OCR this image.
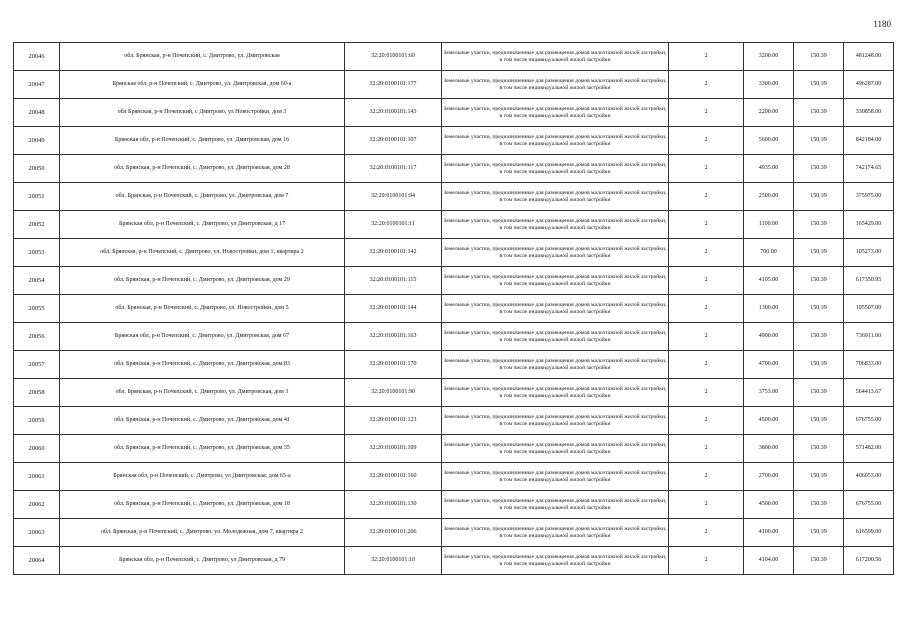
1180
20046	обл. Брянская, р-н Почепский, с. Дмитрово, ул. Дмитровская	32:20:0100101:60	Земельные участки, предназначенные для размещения домов малоэтажной жилой застройки, в том числе индивидуальной жилой застройки	2	3200.00	150.39	481248.00
20047	Брянская обл, р-н Почепский, с. Дмитрово, ул. Дмитровская, дом 60-а	32:20:0100101:177	Земельные участки, предназначенные для размещения домов малоэтажной жилой застройки, в том числе индивидуальной жилой застройки	2	3300.00	150.39	496287.00
20048	обл Брянская, р-н Почепский, с Дмитрово, ул Новостройки, дом 3	32:20:0100101:143	Земельные участки, предназначенные для размещения домов малоэтажной жилой застройки, в том числе индивидуальной жилой застройки	2	2200.00	150.39	330858.00
20049	Брянская обл, р-н Почепский, с. Дмитрово, ул. Дмитровская, дом 16	32:20:0100101:107	Земельные участки, предназначенные для размещения домов малоэтажной жилой застройки, в том числе индивидуальной жилой застройки	2	5600.00	150.39	842184.00
20050	обл. Брянская, р-н Почепский, с. Дмитрово, ул. Дмитровская, дом 28	32:20:0100101:117	Земельные участки, предназначенные для размещения домов малоэтажной жилой застройки, в том числе индивидуальной жилой застройки	2	4935.00	150.39	742174.65
20051	обл. Брянская, р-н Почепский, с. Дмитрово, ул. Дмитровская, дом 7	32:20:0100101:94	Земельные участки, предназначенные для размещения домов малоэтажной жилой застройки, в том числе индивидуальной жилой застройки	2	2500.00	150.39	375975.00
20052	Брянская обл, р-н Почепский, с. Дмитрово, ул Дмитровская, д 17	32:20:0100101:11	Земельные участки, предназначенные для размещения домов малоэтажной жилой застройки, в том числе индивидуальной жилой застройки	2	1100.00	150.39	165429.00
20053	обл. Брянская, р-н Почепский, с. Дмитрово, ул. Новостройки, дом 1, квартира 2	32:20:0100101:142	Земельные участки, предназначенные для размещения домов малоэтажной жилой застройки, в том числе индивидуальной жилой застройки	2	700.00	150.39	105273.00
20054	обл. Брянская, р-н Почепский, с. Дмитрово, ул. Дмитровская, дом 29	32:20:0100101:115	Земельные участки, предназначенные для размещения домов малоэтажной жилой застройки, в том числе индивидуальной жилой застройки	2	4105.00	150.39	617350.95
20055	обл. Брянская, р-н Почепский, с. Дмитрово, ул. Новостройки, дом 5	32:20:0100101:144	Земельные участки, предназначенные для размещения домов малоэтажной жилой застройки, в том числе индивидуальной жилой застройки	2	1300.00	150.39	195507.00
20056	Брянская обл, р-н Почепский, с. Дмитрово, ул. Дмитровская, дом 67	32:20:0100101:163	Земельные участки, предназначенные для размещения домов малоэтажной жилой застройки, в том числе индивидуальной жилой застройки	2	4900.00	150.39	736911.00
20057	обл. Брянская, р-н Почепский, с. Дмитрово, ул. Дмитровская, дом 83	32:20:0100101:170	Земельные участки, предназначенные для размещения домов малоэтажной жилой застройки, в том числе индивидуальной жилой застройки	2	4700.00	150.39	706833.00
20058	обл. Брянская, р-н Почепский, с. Дмитрово, ул. Дмитровская, дом 3	32:20:0100101:90	Земельные участки, предназначенные для размещения домов малоэтажной жилой застройки, в том числе индивидуальной жилой застройки	2	3753.00	150.39	564413.67
20059	обл. Брянская, р-н Почепский, с. Дмитрово, ул. Дмитровская, дом 41	32:20:0100101:123	Земельные участки, предназначенные для размещения домов малоэтажной жилой застройки, в том числе индивидуальной жилой застройки	2	4500.00	150.39	676755.00
20060	обл. Брянская, р-н Почепский, с. Дмитрово, ул. Дмитровская, дом 35	32:20:0100101:109	Земельные участки, предназначенные для размещения домов малоэтажной жилой застройки, в том числе индивидуальной жилой застройки	2	3800.00	150.39	571482.00
20061	Брянская обл, р-н Почепский, с. Дмитрово, ул Дмитровская, дом 65-а	32:20:0100101:160	Земельные участки, предназначенные для размещения домов малоэтажной жилой застройки, в том числе индивидуальной жилой застройки	2	2700.00	150.39	406053.00
20062	обл. Брянская, р-н Почепский, с. Дмитрово, ул. Дмитровская, дом 18	32:20:0100101:130	Земельные участки, предназначенные для размещения домов малоэтажной жилой застройки, в том числе индивидуальной жилой застройки	2	4500.00	150.39	676755.00
20063	обл. Брянская, р-н Почепский, с. Дмитрово, ул. Молодежная, дом 7, квартира 2	32:20:0100101:206	Земельные участки, предназначенные для размещения домов малоэтажной жилой застройки, в том числе индивидуальной жилой застройки	2	4100.00	150.39	616599.00
20064	Брянская обл, р-н Почепский, с. Дмитрово, ул Дмитровская, д 79	32:20:0100101:10	Земельные участки, предназначенные для размещения домов малоэтажной жилой застройки, в том числе индивидуальной жилой застройки	2	4104.00	150.39	617200.56
